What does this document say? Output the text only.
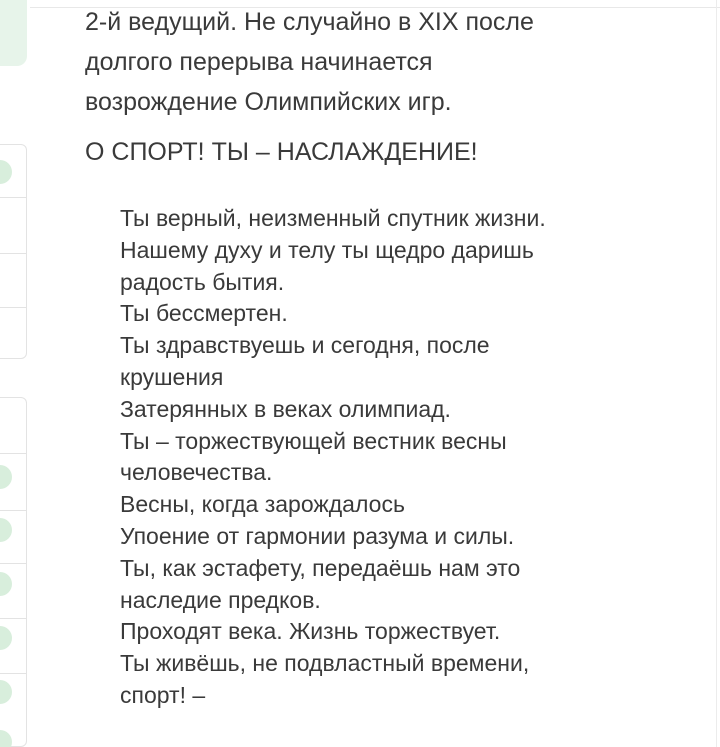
2-й ведущий. Не случайно в XIX после
долгого перерыва начинается
возрождение Олимпийских игр.

О СПОРТ! ТЫ – НАСЛАЖДЕНИЕ!

Ты верный, неизменный спутник жизни.
Нашему духу и телу ты щедро даришь
радость бытия.
Ты бессмертен.
Ты здравствуешь и сегодня, после
крушения
Затерянных в веках олимпиад.
Ты – торжествующей вестник весны
человечества.
Весны, когда зарождалось
Упоение от гармонии разума и силы.
Ты, как эстафету, передаёшь нам это
наследие предков.
Проходят века. Жизнь торжествует.
Ты живёшь, не подвластный времени,
спорт! –
